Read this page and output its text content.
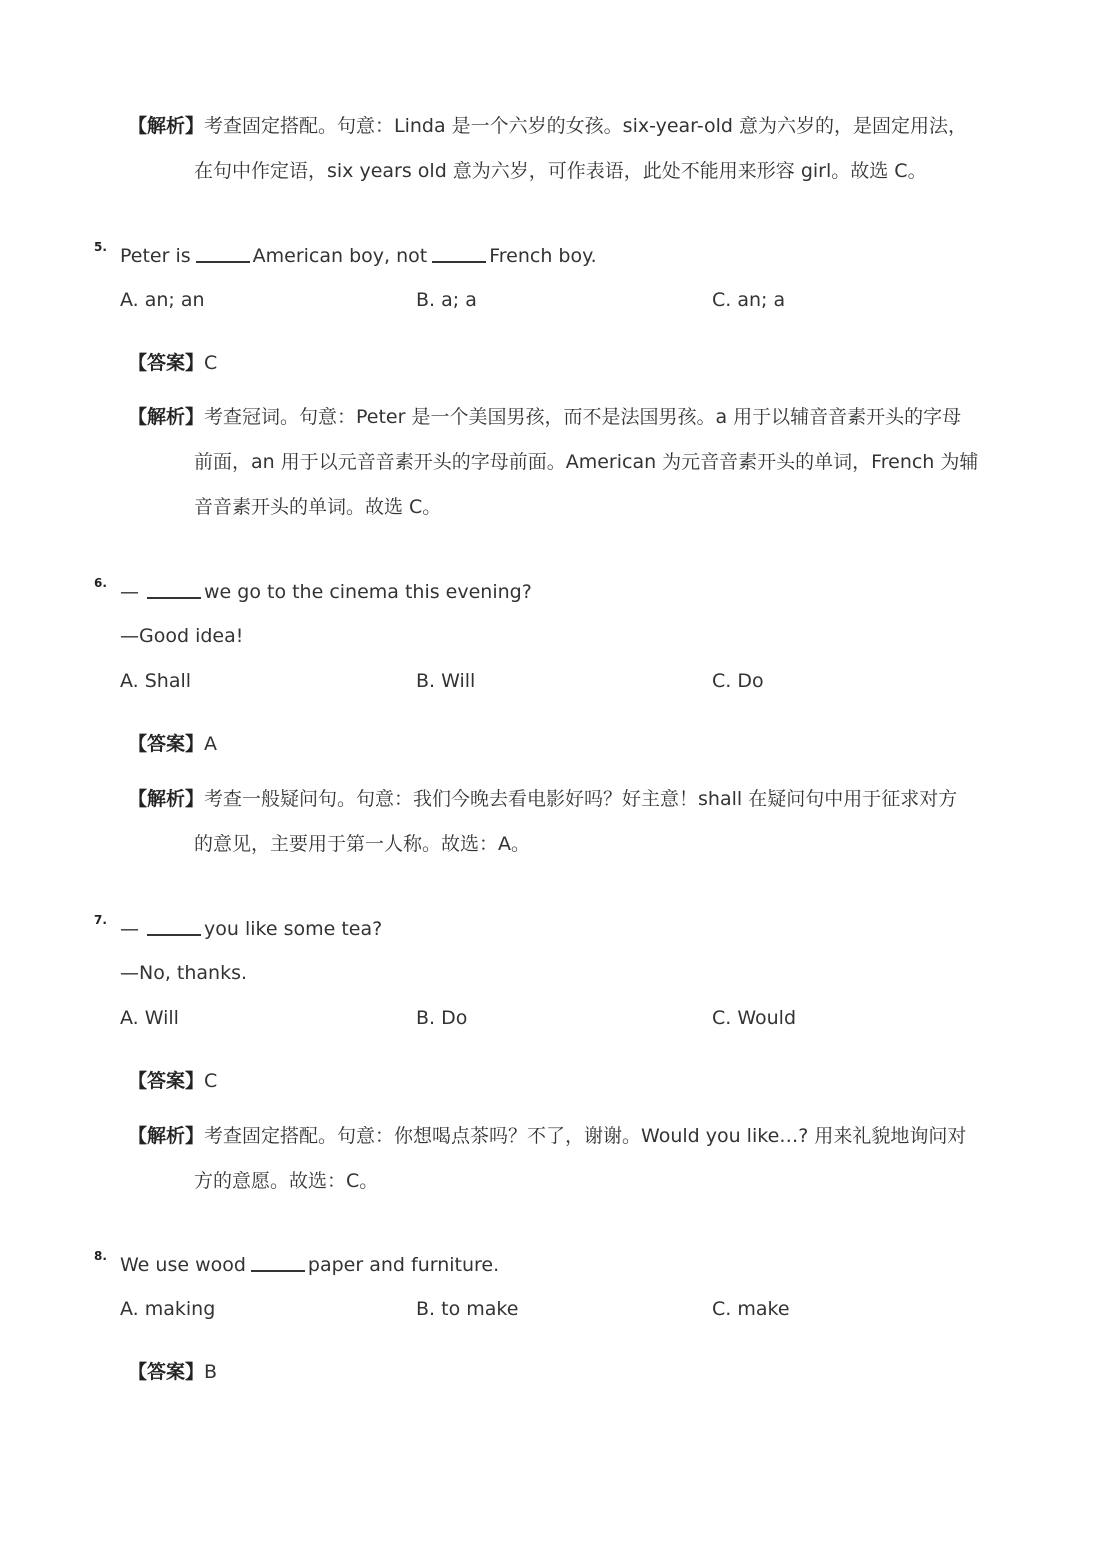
【解析】考查固定搭配。句意：Linda 是一个六岁的女孩。six-year-old 意为六岁的，是固定用法，
在句中作定语，six years old 意为六岁，可作表语，此处不能用来形容 girl。故选 C。
5. Peter is	American boy, not	French boy.
A. an; an	B. a; a	C. an; a
【答案】C
【解析】考查冠词。句意：Peter 是一个美国男孩，而不是法国男孩。a 用于以辅音音素开头的字母
前面，an 用于以元音音素开头的字母前面。American 为元音音素开头的单词，French 为辅
音音素开头的单词。故选 C。
6. —	we go to the cinema this evening?
—Good idea!
A. Shall	B. Will	C. Do
【答案】A
【解析】考查一般疑问句。句意：我们今晚去看电影好吗？好主意！shall 在疑问句中用于征求对方
的意见，主要用于第一人称。故选：A。
7. —	you like some tea?
—No, thanks.
A. Will	B. Do	C. Would
【答案】C
【解析】考查固定搭配。句意：你想喝点茶吗？不了，谢谢。Would you like…? 用来礼貌地询问对
方的意愿。故选：C。
8. We use wood	paper and furniture.
A. making	B. to make	C. make
【答案】B
